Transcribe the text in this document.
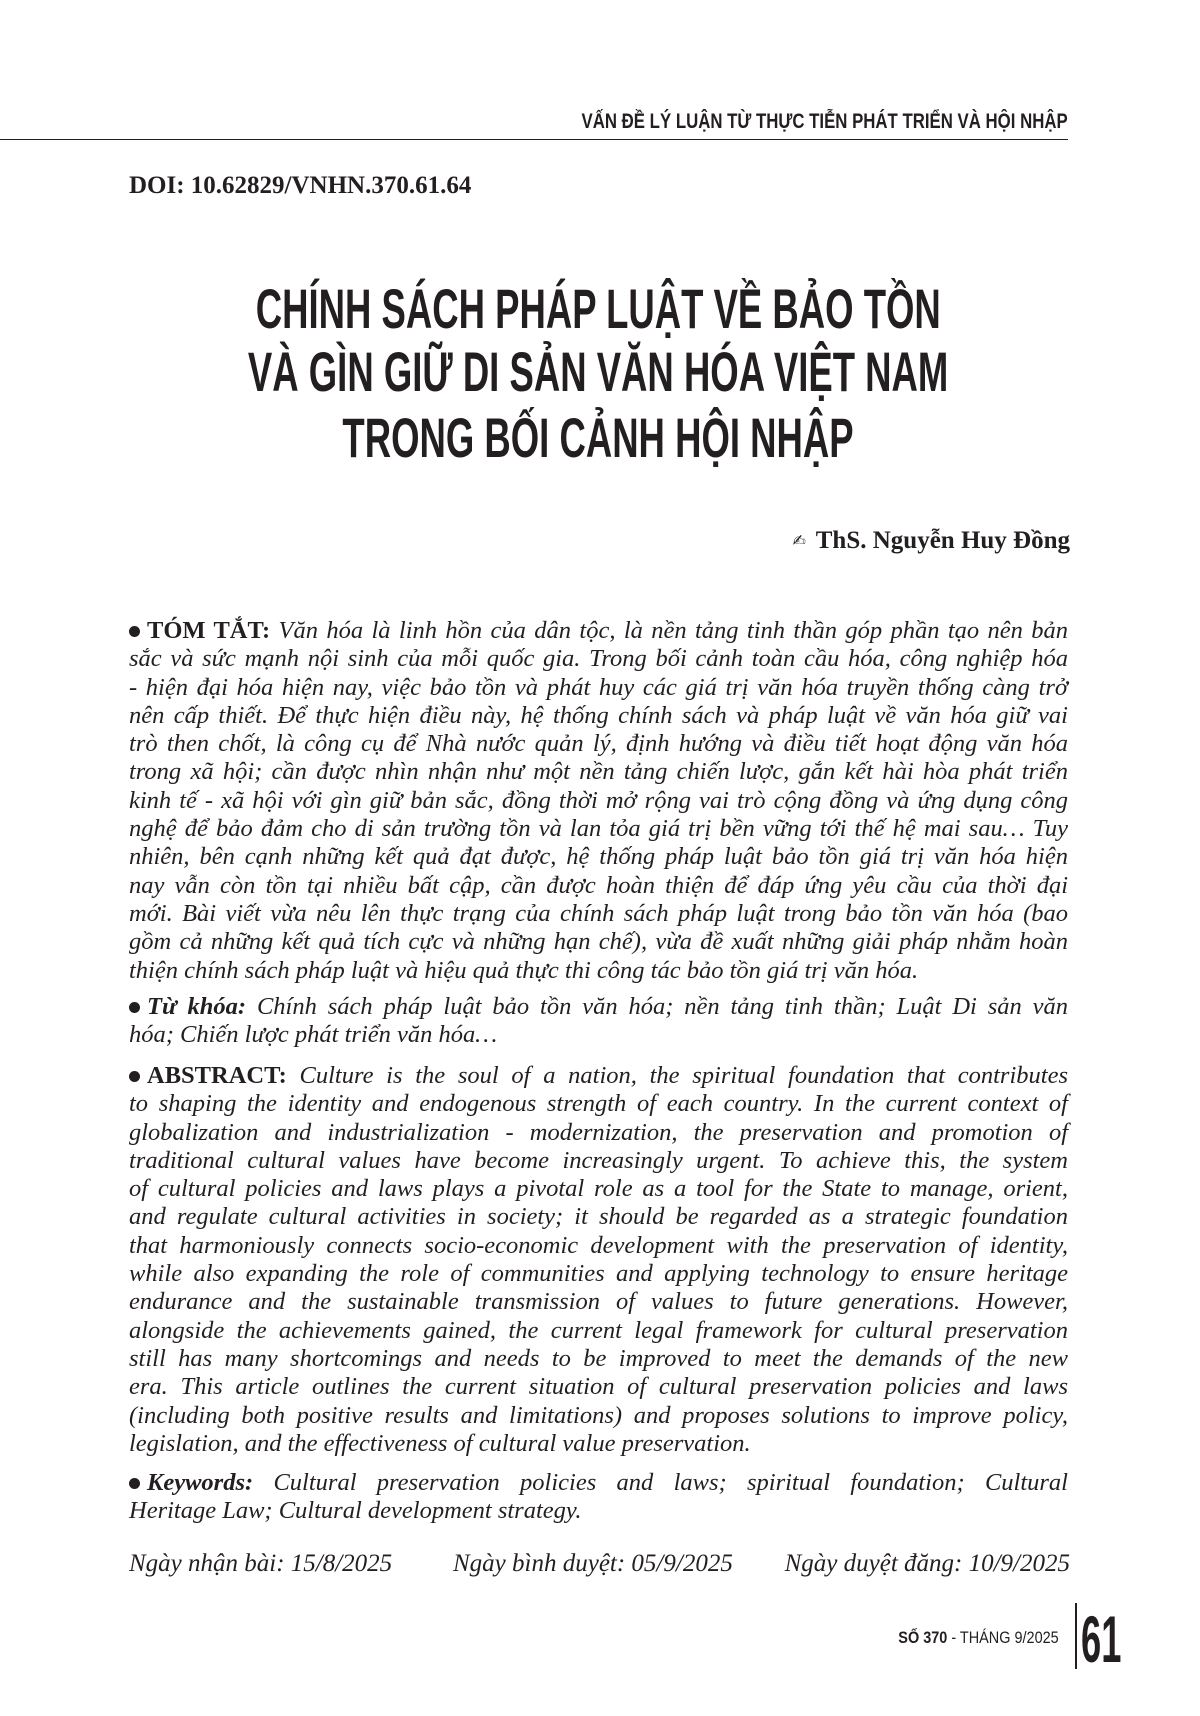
VẤN ĐỀ LÝ LUẬN TỪ THỰC TIỄN PHÁT TRIỂN VÀ HỘI NHẬP
DOI: 10.62829/VNHN.370.61.64
CHÍNH SÁCH PHÁP LUẬT VỀ BẢO TỒN
VÀ GÌN GIỮ DI SẢN VĂN HÓA VIỆT NAM
TRONG BỐI CẢNH HỘI NHẬP
✍ ThS. Nguyễn Huy Đồng
TÓM TẮT: Văn hóa là linh hồn của dân tộc, là nền tảng tinh thần góp phần tạo nên bản
sắc và sức mạnh nội sinh của mỗi quốc gia. Trong bối cảnh toàn cầu hóa, công nghiệp hóa
- hiện đại hóa hiện nay, việc bảo tồn và phát huy các giá trị văn hóa truyền thống càng trở
nên cấp thiết. Để thực hiện điều này, hệ thống chính sách và pháp luật về văn hóa giữ vai
trò then chốt, là công cụ để Nhà nước quản lý, định hướng và điều tiết hoạt động văn hóa
trong xã hội; cần được nhìn nhận như một nền tảng chiến lược, gắn kết hài hòa phát triển
kinh tế - xã hội với gìn giữ bản sắc, đồng thời mở rộng vai trò cộng đồng và ứng dụng công
nghệ để bảo đảm cho di sản trường tồn và lan tỏa giá trị bền vững tới thế hệ mai sau… Tuy
nhiên, bên cạnh những kết quả đạt được, hệ thống pháp luật bảo tồn giá trị văn hóa hiện
nay vẫn còn tồn tại nhiều bất cập, cần được hoàn thiện để đáp ứng yêu cầu của thời đại
mới. Bài viết vừa nêu lên thực trạng của chính sách pháp luật trong bảo tồn văn hóa (bao
gồm cả những kết quả tích cực và những hạn chế), vừa đề xuất những giải pháp nhằm hoàn
thiện chính sách pháp luật và hiệu quả thực thi công tác bảo tồn giá trị văn hóa.
Từ khóa: Chính sách pháp luật bảo tồn văn hóa; nền tảng tinh thần; Luật Di sản văn
hóa; Chiến lược phát triển văn hóa…
ABSTRACT: Culture is the soul of a nation, the spiritual foundation that contributes
to shaping the identity and endogenous strength of each country. In the current context of
globalization and industrialization - modernization, the preservation and promotion of
traditional cultural values have become increasingly urgent. To achieve this, the system
of cultural policies and laws plays a pivotal role as a tool for the State to manage, orient,
and regulate cultural activities in society; it should be regarded as a strategic foundation
that harmoniously connects socio-economic development with the preservation of identity,
while also expanding the role of communities and applying technology to ensure heritage
endurance and the sustainable transmission of values to future generations. However,
alongside the achievements gained, the current legal framework for cultural preservation
still has many shortcomings and needs to be improved to meet the demands of the new
era. This article outlines the current situation of cultural preservation policies and laws
(including both positive results and limitations) and proposes solutions to improve policy,
legislation, and the effectiveness of cultural value preservation.
Keywords: Cultural preservation policies and laws; spiritual foundation; Cultural
Heritage Law; Cultural development strategy.
Ngày nhận bài: 15/8/2025 Ngày bình duyệt: 05/9/2025 Ngày duyệt đăng: 10/9/2025
SỐ 370 - THÁNG 9/2025 61
